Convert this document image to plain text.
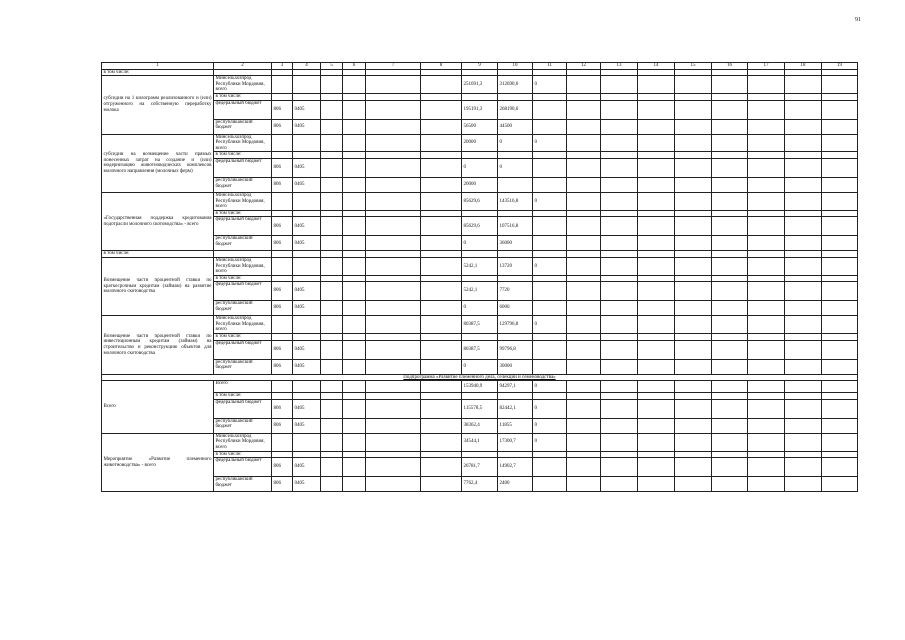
91
1	2	3	4	5	6	7	8	9	10	11	12	13	14	15	16	17	18	19
в том числе:																		
субсидии на 1 килограмм реализованного и (или) отгруженного на собственную переработку молока	Минсельхозпрод Республики Мордовия, всего							251691,3	312690,6	0								
	в том числе:																	
	федеральный бюджет	806	0405					195191,3	268190,6									
	республиканский бюджет	806	0405					56500	44500									
субсидии на возмещение части прямых понесенных затрат на создание и (или) модернизацию животноводческих комплексов молочного направления (молочных ферм)	Минсельхозпрод Республики Мордовия, всего							20000	0	0								
	в том числе:																	
	федеральный бюджет	806	0405					0	0									
	республиканский бюджет	806	0405					20000										
«Государственная поддержка кредитования подотрасли молочного скотоводства» - всего	Минсельхозпрод Республики Мордовия, всего							85629,6	143516,8	0								
	в том числе:																	
	федеральный бюджет	806	0405					85629,6	107516,8									
	республиканский бюджет	806	0405					0	36000									
в том числе:																		
Возмещение части процентной ставки по краткосрочным кредитам (займам) на развитие молочного скотоводства	Минсельхозпрод Республики Мордовия, всего							5242,1	13720	0								
	в том числе:																	
	федеральный бюджет	806	0405					5242,1	7720									
	республиканский бюджет	806	0405					0	6000									
Возмещение части процентной ставки по инвестиционным кредитам (займам) на строительство и реконструкцию объектов для молочного скотоводства	Минсельхозпрод Республики Мордовия, всего							80387,5	129796,8	0								
	в том числе:																	
	федеральный бюджет	806	0405					80387,5	99796,8									
	республиканский бюджет	806	0405					0	30000									
Подпрограмма «Развитие племенного дела, селекции и семеноводства»																		
Всего	Всего							153940,9	94297,1	0								
	в том числе:																	
	федеральный бюджет	806	0405					115578,5	82442,1	0								
	республиканский бюджет	806	0405					38362,4	11855	0								
Мероприятие «Развитие племенного животноводства» - всего	Минсельхозпрод Республики Мордовия, всего							34544,1	17300,7	0								
	в том числе:																	
	федеральный бюджет	806	0405					26781,7	14902,7									
	республиканский бюджет	806	0405					7762,4	2400									
